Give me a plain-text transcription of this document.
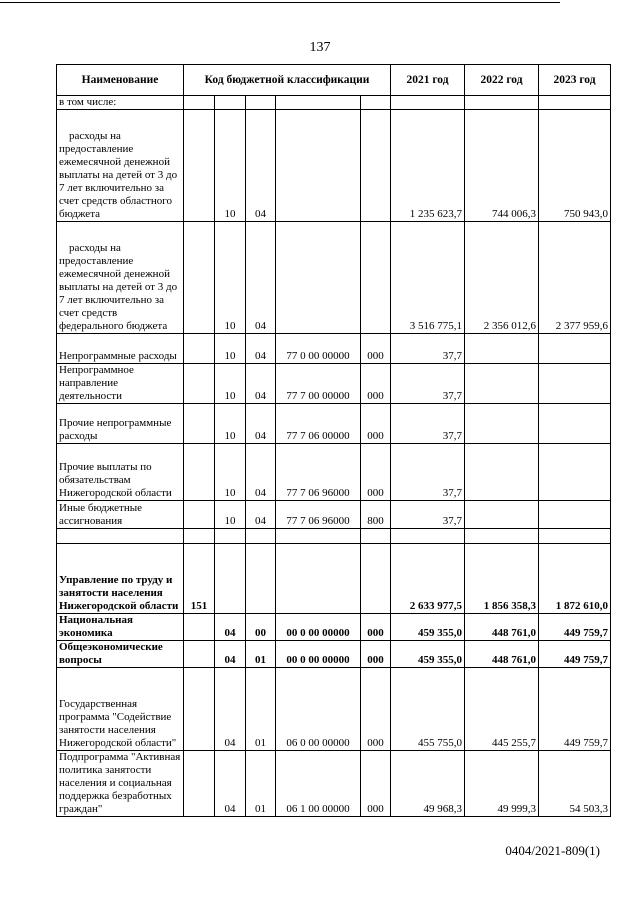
137
Наименование	Код бюджетной классификации					2021 год	2022 год	2023 год
в том числе:								
расходы на предоставление ежемесячной денежной выплаты на детей от 3 до 7 лет включительно за счет средств областного бюджета		10	04			1 235 623,7	744 006,3	750 943,0
расходы на предоставление ежемесячной денежной выплаты на детей от 3 до 7 лет включительно за счет средств федерального бюджета		10	04			3 516 775,1	2 356 012,6	2 377 959,6
Непрограммные расходы		10	04	77 0 00 00000	000	37,7		
Непрограммное направление деятельности		10	04	77 7 00 00000	000	37,7		
Прочие непрограммные расходы		10	04	77 7 06 00000	000	37,7		
Прочие выплаты по обязательствам Нижегородской области		10	04	77 7 06 96000	000	37,7		
Иные бюджетные ассигнования		10	04	77 7 06 96000	800	37,7		

Управление по труду и занятости населения Нижегородской области	151					2 633 977,5	1 856 358,3	1 872 610,0
Национальная экономика		04	00	00 0 00 00000	000	459 355,0	448 761,0	449 759,7
Общеэкономические вопросы		04	01	00 0 00 00000	000	459 355,0	448 761,0	449 759,7
Государственная программа "Содействие занятости населения Нижегородской области"		04	01	06 0 00 00000	000	455 755,0	445 255,7	449 759,7
Подпрограмма "Активная политика занятости населения и социальная поддержка безработных граждан"		04	01	06 1 00 00000	000	49 968,3	49 999,3	54 503,3
0404/2021-809(1)
